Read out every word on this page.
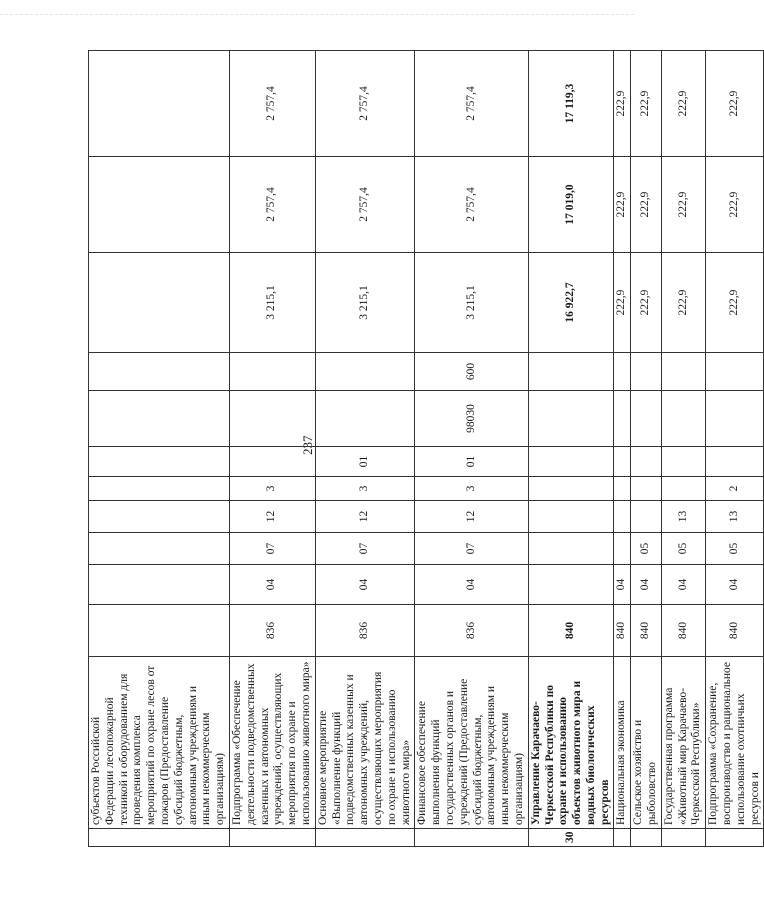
237
	субъектов Российской Федерации лесопожарной техникой и оборудованием для проведения комплекса мероприятий по охране лесов от пожаров (Предоставление субсидий бюджетным, автономным учреждениям и иным некоммерческим организациям)											
	Подпрограмма «Обеспечение деятельности подведомственных казенных и автономных учреждений, осуществляющих мероприятия по охране и использованию животного мира»	836	04	07	12	3				3 215,1	2 757,4	2 757,4
	Основное мероприятие «Выполнение функций подведомственных казенных и автономных учреждений, осуществляющих мероприятия по охране и использованию животного мира»	836	04	07	12	3	01			3 215,1	2 757,4	2 757,4
	Финансовое обеспечение выполнения функций государственных органов и учреждений (Предоставление субсидий бюджетным, автономным учреждениям и иным некоммерческим организациям)	836	04	07	12	3	01	98030	600	3 215,1	2 757,4	2 757,4
30	Управление Карачаево-Черкесской Республики по охране и использованию объектов животного мира и водных биологических ресурсов	840								16 922,7	17 019,0	17 119,3
	Национальная экономика	840	04							222,9	222,9	222,9
	Сельское хозяйство и рыболовство	840	04	05						222,9	222,9	222,9
	Государственная программа «Животный мир Карачаево-Черкесской Республики»	840	04	05	13					222,9	222,9	222,9
	Подпрограмма «Сохранение, воспроизводство и рациональное использование охотничьих ресурсов и	840	04	05	13	2				222,9	222,9	222,9
